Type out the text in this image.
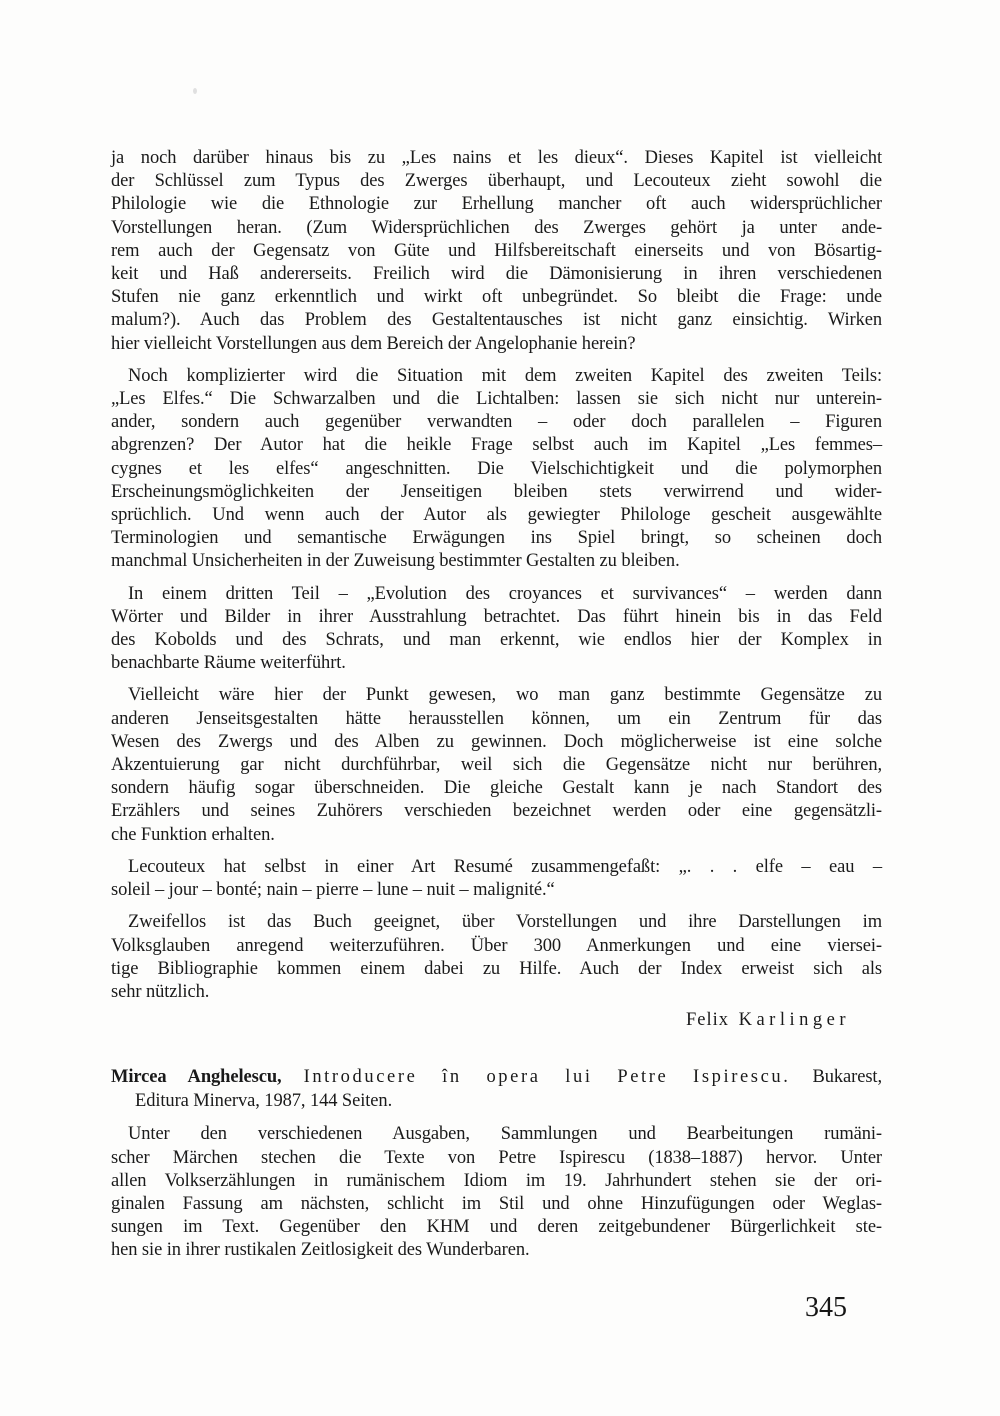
ja noch darüber hinaus bis zu „Les nains et les dieux“. Dieses Kapitel ist vielleicht
der Schlüssel zum Typus des Zwerges überhaupt, und Lecouteux zieht sowohl die
Philologie wie die Ethnologie zur Erhellung mancher oft auch widersprüchlicher
Vorstellungen heran. (Zum Widersprüchlichen des Zwerges gehört ja unter ande-
rem auch der Gegensatz von Güte und Hilfsbereitschaft einerseits und von Bösartig-
keit und Haß andererseits. Freilich wird die Dämonisierung in ihren verschiedenen
Stufen nie ganz erkenntlich und wirkt oft unbegründet. So bleibt die Frage: unde
malum?). Auch das Problem des Gestaltentausches ist nicht ganz einsichtig. Wirken
hier vielleicht Vorstellungen aus dem Bereich der Angelophanie herein?
Noch komplizierter wird die Situation mit dem zweiten Kapitel des zweiten Teils:
„Les Elfes.“ Die Schwarzalben und die Lichtalben: lassen sie sich nicht nur unterein-
ander, sondern auch gegenüber verwandten – oder doch parallelen – Figuren
abgrenzen? Der Autor hat die heikle Frage selbst auch im Kapitel „Les femmes–
cygnes et les elfes“ angeschnitten. Die Vielschichtigkeit und die polymorphen
Erscheinungsmöglichkeiten der Jenseitigen bleiben stets verwirrend und wider-
sprüchlich. Und wenn auch der Autor als gewiegter Philologe gescheit ausgewählte
Terminologien und semantische Erwägungen ins Spiel bringt, so scheinen doch
manchmal Unsicherheiten in der Zuweisung bestimmter Gestalten zu bleiben.
In einem dritten Teil – „Evolution des croyances et survivances“ – werden dann
Wörter und Bilder in ihrer Ausstrahlung betrachtet. Das führt hinein bis in das Feld
des Kobolds und des Schrats, und man erkennt, wie endlos hier der Komplex in
benachbarte Räume weiterführt.
Vielleicht wäre hier der Punkt gewesen, wo man ganz bestimmte Gegensätze zu
anderen Jenseitsgestalten hätte herausstellen können, um ein Zentrum für das
Wesen des Zwergs und des Alben zu gewinnen. Doch möglicherweise ist eine solche
Akzentuierung gar nicht durchführbar, weil sich die Gegensätze nicht nur berühren,
sondern häufig sogar überschneiden. Die gleiche Gestalt kann je nach Standort des
Erzählers und seines Zuhörers verschieden bezeichnet werden oder eine gegensätzli-
che Funktion erhalten.
Lecouteux hat selbst in einer Art Resumé zusammengefaßt: „. . . elfe – eau –
soleil – jour – bonté; nain – pierre – lune – nuit – malignité.“
Zweifellos ist das Buch geeignet, über Vorstellungen und ihre Darstellungen im
Volksglauben anregend weiterzuführen. Über 300 Anmerkungen und eine viersei-
tige Bibliographie kommen einem dabei zu Hilfe. Auch der Index erweist sich als
sehr nützlich.
Felix Karlinger
Mircea Anghelescu, Introducere în opera lui Petre Ispirescu. Bukarest,
Editura Minerva, 1987, 144 Seiten.
Unter den verschiedenen Ausgaben, Sammlungen und Bearbeitungen rumäni-
scher Märchen stechen die Texte von Petre Ispirescu (1838–1887) hervor. Unter
allen Volkserzählungen in rumänischem Idiom im 19. Jahrhundert stehen sie der ori-
ginalen Fassung am nächsten, schlicht im Stil und ohne Hinzufügungen oder Weglas-
sungen im Text. Gegenüber den KHM und deren zeitgebundener Bürgerlichkeit ste-
hen sie in ihrer rustikalen Zeitlosigkeit des Wunderbaren.
345
